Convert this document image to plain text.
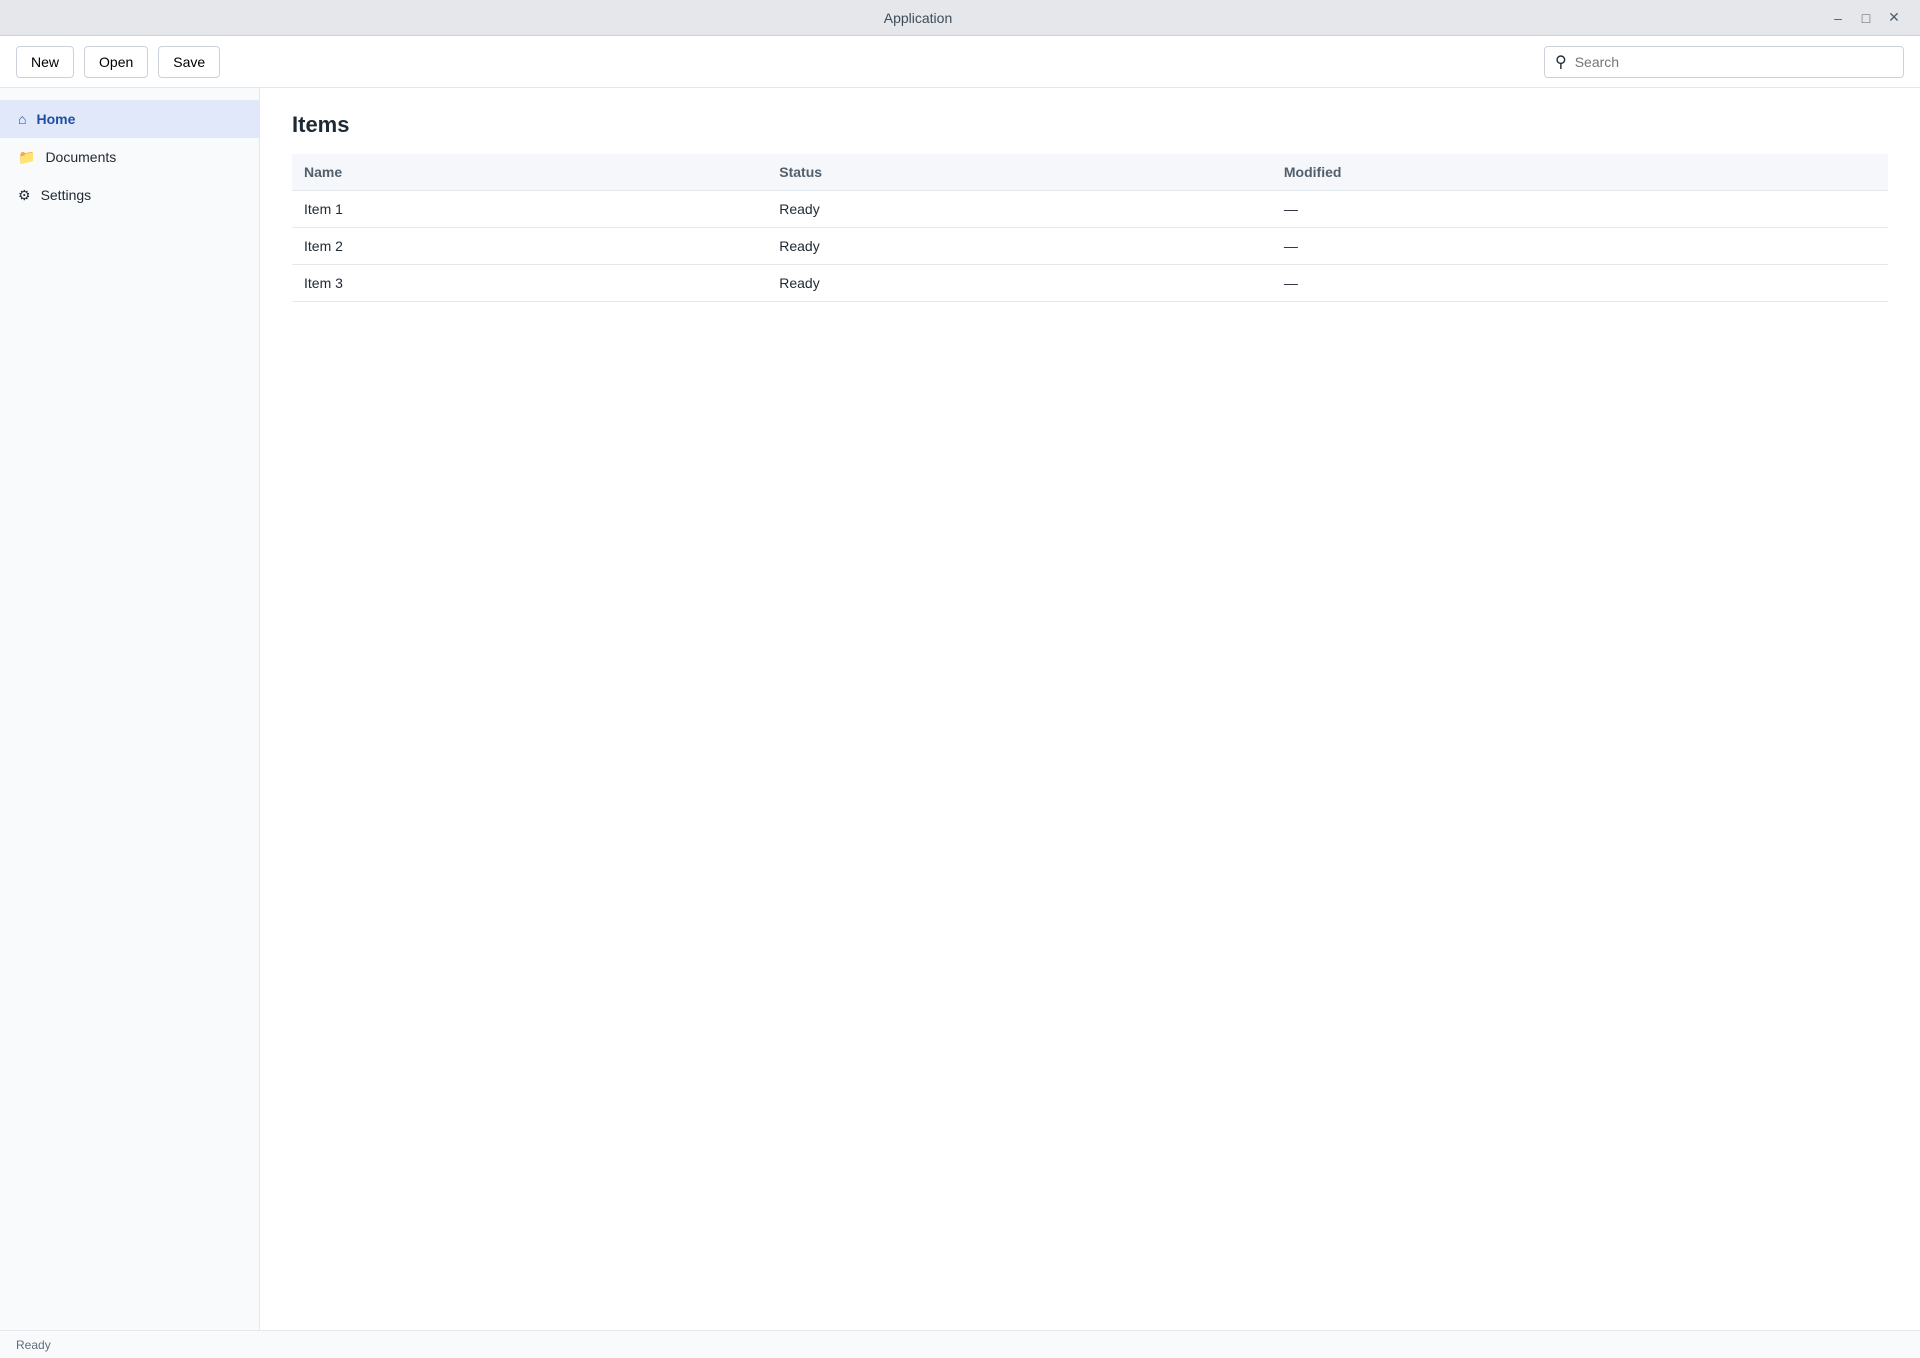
Application	–	□	✕
New	Open	Save	⚲
Search
⌂ Home
📁 Documents
⚙ Settings
Items
Name	Status	Modified
Item 1	Ready	—
Item 2	Ready	—
Item 3	Ready	—
Ready
